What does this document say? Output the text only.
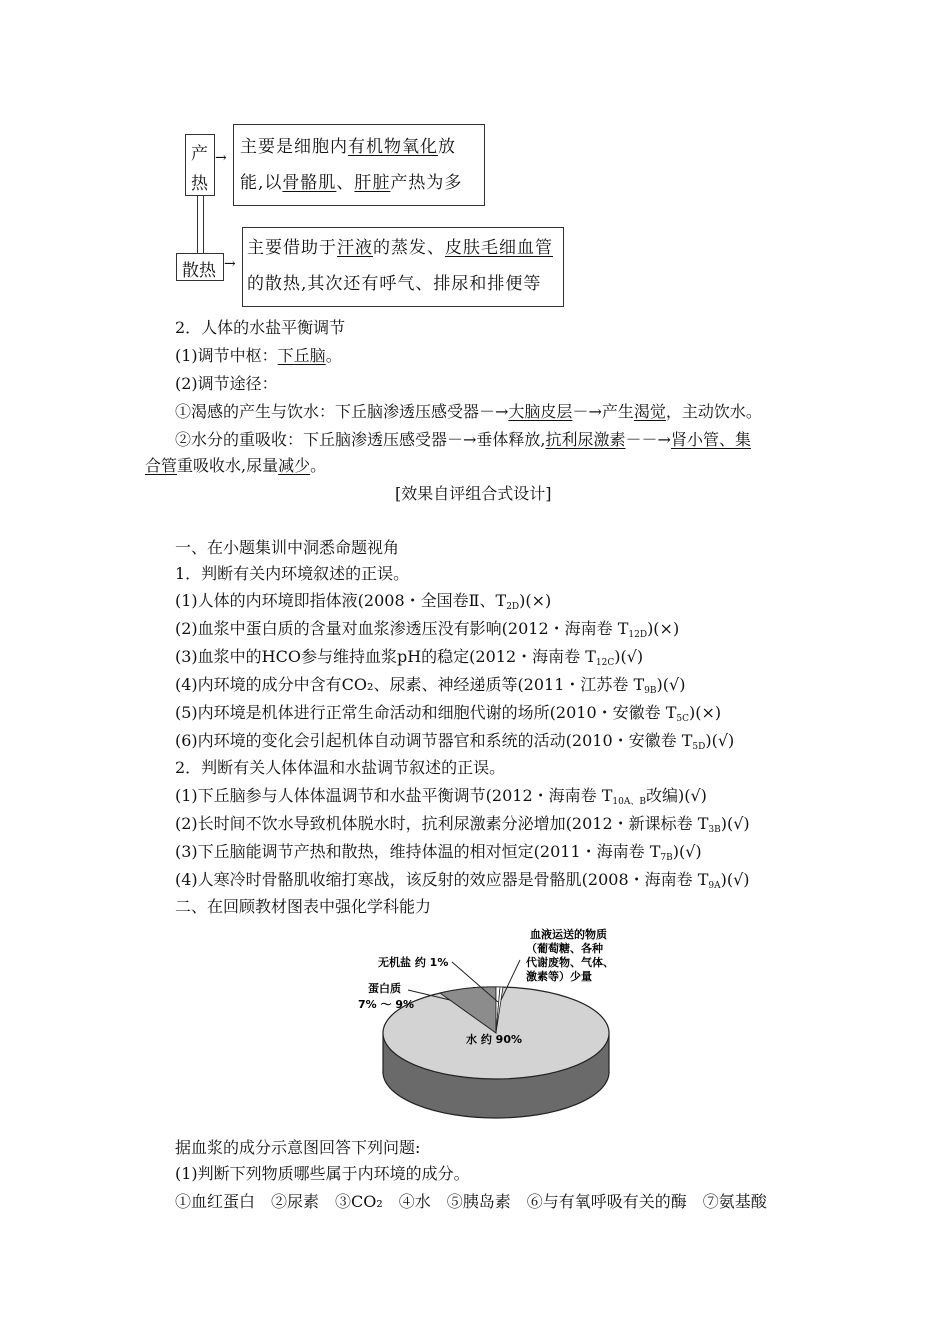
产
热
→
主要是细胞内有机物氧化放
能,以骨骼肌、肝脏产热为多
散热 →
主要借助于汗液的蒸发、皮肤毛细血管
的散热,其次还有呼气、排尿和排便等
2．人体的水盐平衡调节
(1)调节中枢：下丘脑。
(2)调节途径：
①渴感的产生与饮水：下丘脑渗透压感受器－→大脑皮层－→产生渴觉，主动饮水。
②水分的重吸收：下丘脑渗透压感受器－→垂体释放,抗利尿激素－－→肾小管、集
合管重吸收水,尿量减少。
[效果自评组合式设计]
一、在小题集训中洞悉命题视角
1．判断有关内环境叙述的正误。
(1)人体的内环境即指体液(2008・全国卷Ⅱ、$T_{2D})(\times)$
(2)血浆中蛋白质的含量对血浆渗透压没有影响(2012・海南卷 $T_{12D})(\times)$
(3)血浆中的HCO参与维持血浆pH的稳定(2012・海南卷 $T_{12C})(√)$
(4)内环境的成分中含有CO₂、尿素、神经递质等(2011・江苏卷 $T_{9B})(√)$
(5)内环境是机体进行正常生命活动和细胞代谢的场所(2010・安徽卷 $T_{5C})(\times)$
(6)内环境的变化会引起机体自动调节器官和系统的活动(2010・安徽卷 $T_{5D})(√)$
2．判断有关人体体温和水盐调节叙述的正误。
(1)下丘脑参与人体体温调节和水盐平衡调节(2012・海南卷 $T_{10A、B}$改编)(√)
(2)长时间不饮水导致机体脱水时，抗利尿激素分泌增加(2012・新课标卷 $T_{3B})(√)$
(3)下丘脑能调节产热和散热，维持体温的相对恒定(2011・海南卷 $T_{7B})(√)$
(4)人寒冷时骨骼肌收缩打寒战，该反射的效应器是骨骼肌(2008・海南卷 $T_{9A})(√)$
二、在回顾教材图表中强化学科能力
水 约 90%
蛋白质
7% ～ 9%
无机盐 约 1%
血液运送的物质
（葡萄糖、各种
代谢废物、气体、
激素等）少量
据血浆的成分示意图回答下列问题:
(1)判断下列物质哪些属于内环境的成分。
①血红蛋白　②尿素　③CO₂　④水　⑤胰岛素　⑥与有氧呼吸有关的酶　⑦氨基酸
